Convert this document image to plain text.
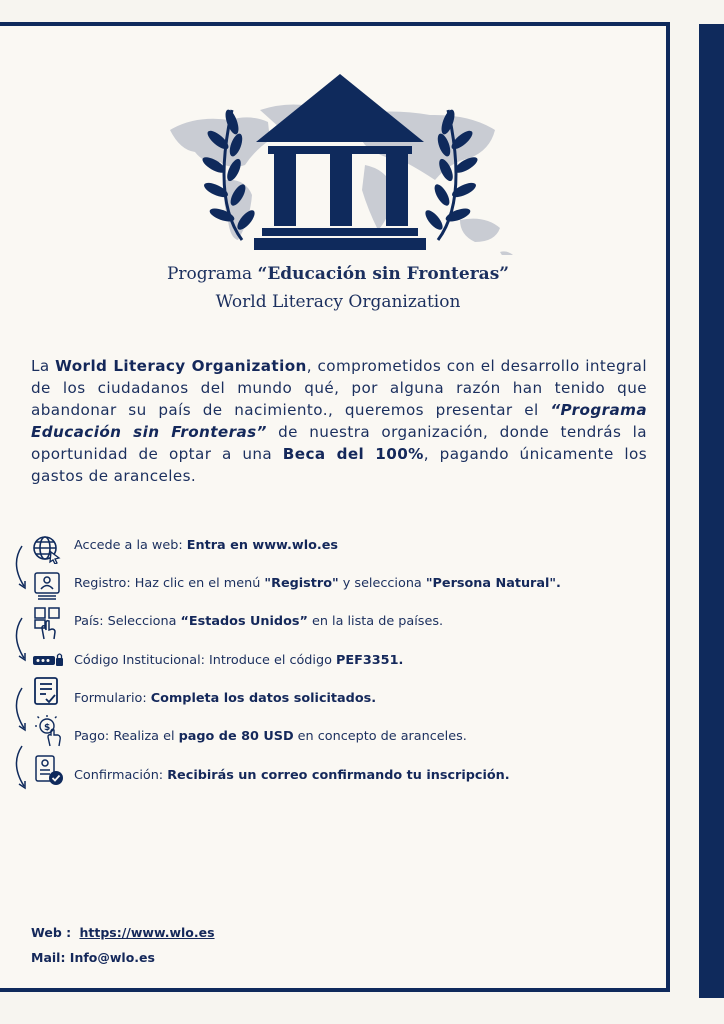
Programa “Educación sin Fronteras”
World Literacy Organization
La World Literacy Organization, comprometidos con el desarrollo integral de los ciudadanos del mundo qué, por alguna razón han tenido que abandonar su país de nacimiento., queremos presentar el “Programa Educación sin Fronteras” de nuestra organización, donde tendrás la oportunidad de optar a una Beca del 100%, pagando únicamente los gastos de aranceles.
$
Accede a la web: Entra en www.wlo.es
Registro: Haz clic en el menú "Registro" y selecciona "Persona Natural".
País: Selecciona “Estados Unidos” en la lista de países.
Código Institucional: Introduce el código PEF3351.
Formulario: Completa los datos solicitados.
Pago: Realiza el pago de 80 USD en concepto de aranceles.
Confirmación: Recibirás un correo confirmando tu inscripción.
Web : https://www.wlo.es
Mail: Info@wlo.es
